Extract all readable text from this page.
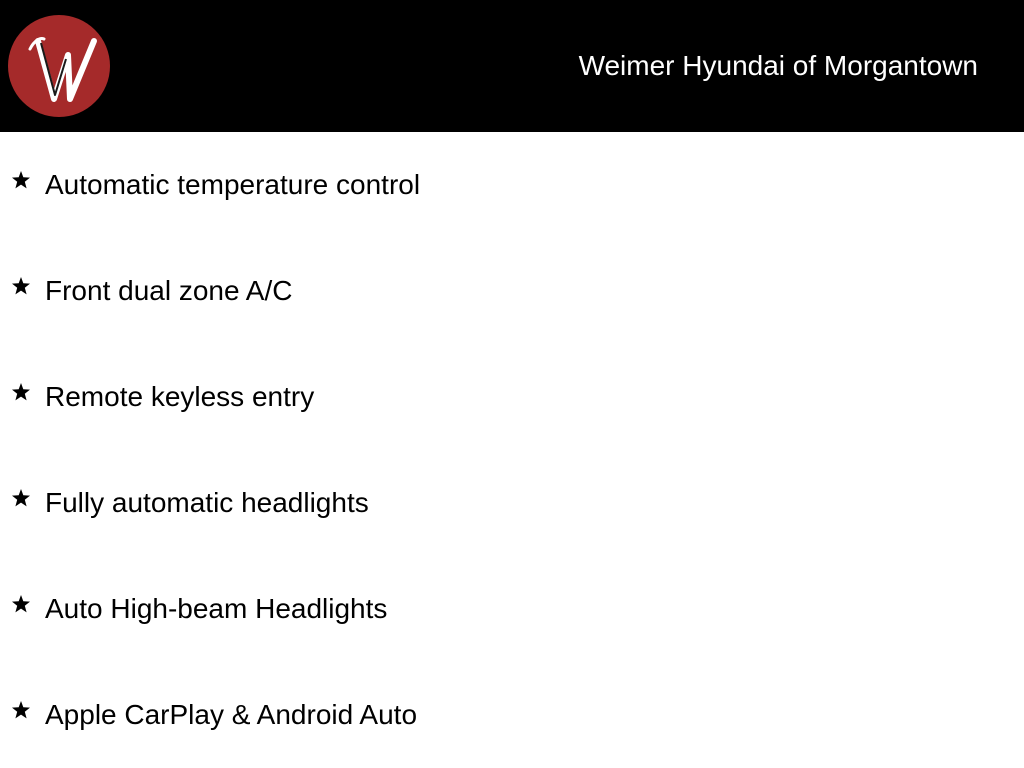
Weimer Hyundai of Morgantown
Automatic temperature control
Front dual zone A/C
Remote keyless entry
Fully automatic headlights
Auto High-beam Headlights
Apple CarPlay & Android Auto
